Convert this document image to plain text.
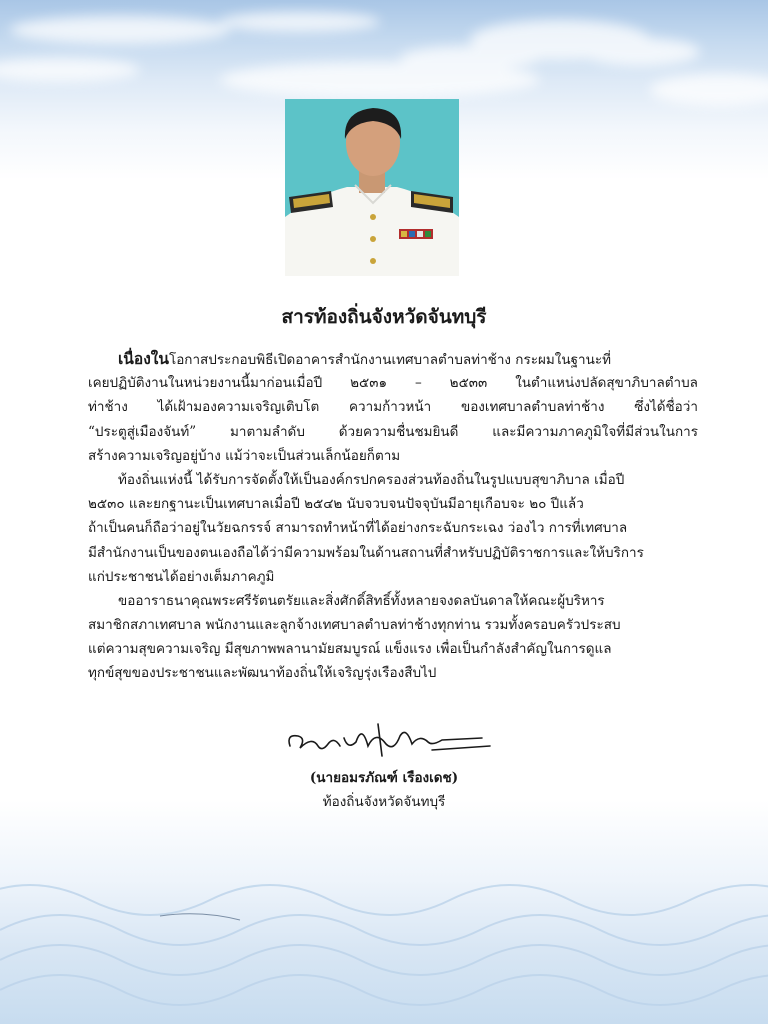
สารท้องถิ่นจังหวัดจันทบุรี
เนื่องในโอกาสประกอบพิธีเปิดอาคารสำนักงานเทศบาลตำบลท่าช้าง กระผมในฐานะที่
เคยปฏิบัติงานในหน่วยงานนี้มาก่อนเมื่อปี ๒๕๓๑ – ๒๕๓๓ ในตำแหน่งปลัดสุขาภิบาลตำบล
ท่าช้าง ได้เฝ้ามองความเจริญเติบโต ความก้าวหน้า ของเทศบาลตำบลท่าช้าง ซึ่งได้ชื่อว่า
“ประตูสู่เมืองจันท์”	มาตามลำดับ	ด้วยความชื่นชมยินดี	และมีความภาคภูมิใจที่มีส่วนในการ
สร้างความเจริญอยู่บ้าง แม้ว่าจะเป็นส่วนเล็กน้อยก็ตาม
ท้องถิ่นแห่งนี้ ได้รับการจัดตั้งให้เป็นองค์กรปกครองส่วนท้องถิ่นในรูปแบบสุขาภิบาล เมื่อปี
๒๕๓๐ และยกฐานะเป็นเทศบาลเมื่อปี ๒๕๔๒ นับจวบจนปัจจุบันมีอายุเกือบจะ ๒๐ ปีแล้ว
ถ้าเป็นคนก็ถือว่าอยู่ในวัยฉกรรจ์ สามารถทำหน้าที่ได้อย่างกระฉับกระเฉง ว่องไว การที่เทศบาล
มีสำนักงานเป็นของตนเองถือได้ว่ามีความพร้อมในด้านสถานที่สำหรับปฏิบัติราชการและให้บริการ
แก่ประชาชนได้อย่างเต็มภาคภูมิ
ขออาราธนาคุณพระศรีรัตนตรัยและสิ่งศักดิ์สิทธิ์ทั้งหลายจงดลบันดาลให้คณะผู้บริหาร
สมาชิกสภาเทศบาล พนักงานและลูกจ้างเทศบาลตำบลท่าช้างทุกท่าน รวมทั้งครอบครัวประสบ
แต่ความสุขความเจริญ มีสุขภาพพลานามัยสมบูรณ์ แข็งแรง เพื่อเป็นกำลังสำคัญในการดูแล
ทุกข์สุขของประชาชนและพัฒนาท้องถิ่นให้เจริญรุ่งเรืองสืบไป
(นายอมรภัณฑ์ เรืองเดช)
ท้องถิ่นจังหวัดจันทบุรี
